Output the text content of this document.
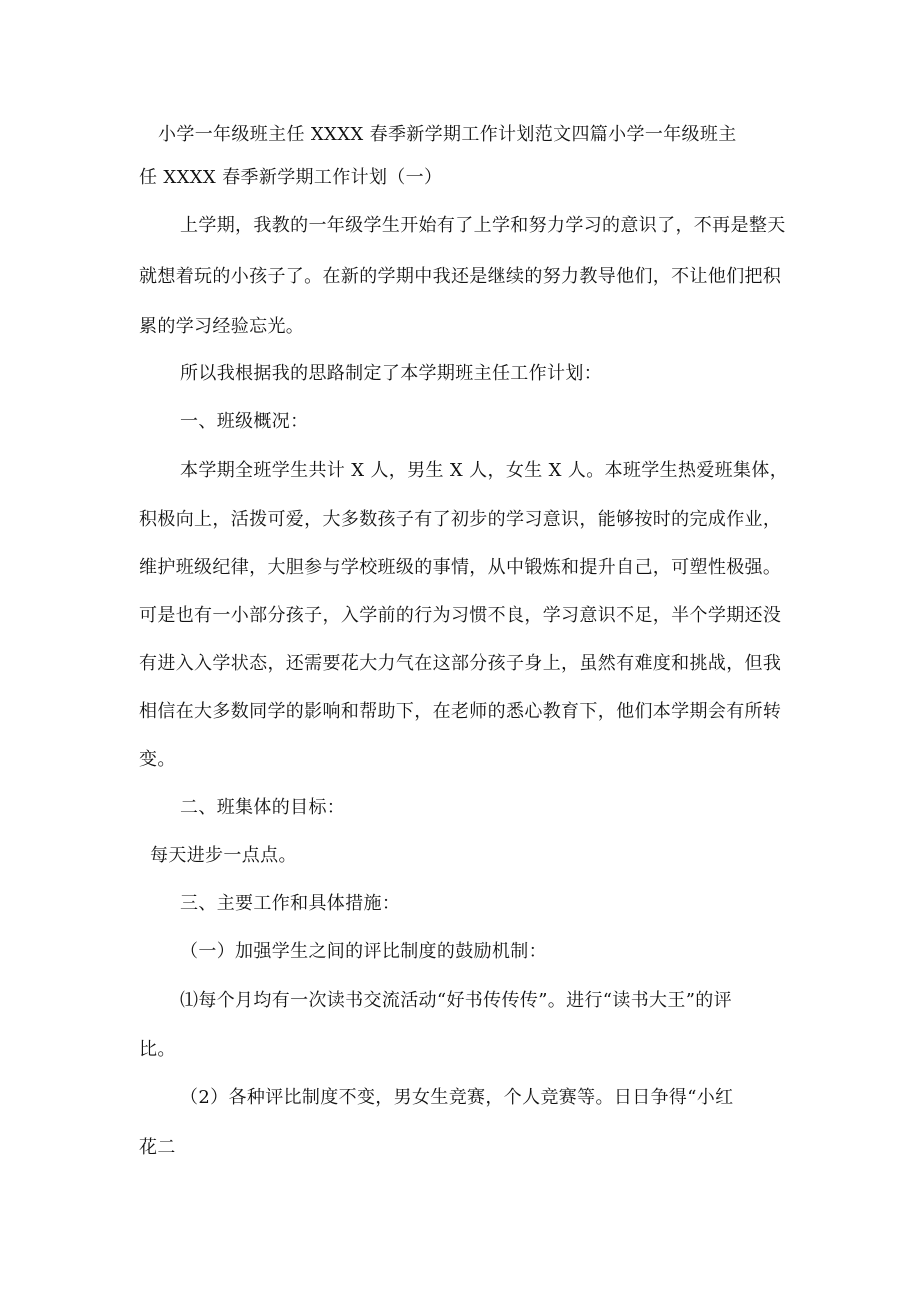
小学一年级班主任 XXXX 春季新学期工作计划范文四篇小学一年级班主
任 XXXX 春季新学期工作计划（一）
上学期，我教的一年级学生开始有了上学和努力学习的意识了，不再是整天
就想着玩的小孩子了。在新的学期中我还是继续的努力教导他们，不让他们把积
累的学习经验忘光。
所以我根据我的思路制定了本学期班主任工作计划：
一、班级概况：
本学期全班学生共计 X 人，男生 X 人，女生 X 人。本班学生热爱班集体，
积极向上，活拨可爱，大多数孩子有了初步的学习意识，能够按时的完成作业，
维护班级纪律，大胆参与学校班级的事情，从中锻炼和提升自己，可塑性极强。
可是也有一小部分孩子，入学前的行为习惯不良，学习意识不足，半个学期还没
有进入入学状态，还需要花大力气在这部分孩子身上，虽然有难度和挑战，但我
相信在大多数同学的影响和帮助下，在老师的悉心教育下，他们本学期会有所转
变。
二、班集体的目标：
每天进步一点点。
三、主要工作和具体措施：
（一）加强学生之间的评比制度的鼓励机制：
⑴每个月均有一次读书交流活动“好书传传传”。进行“读书大王”的评
比。
（2）各种评比制度不变，男女生竞赛，个人竞赛等。日日争得“小红
花二
